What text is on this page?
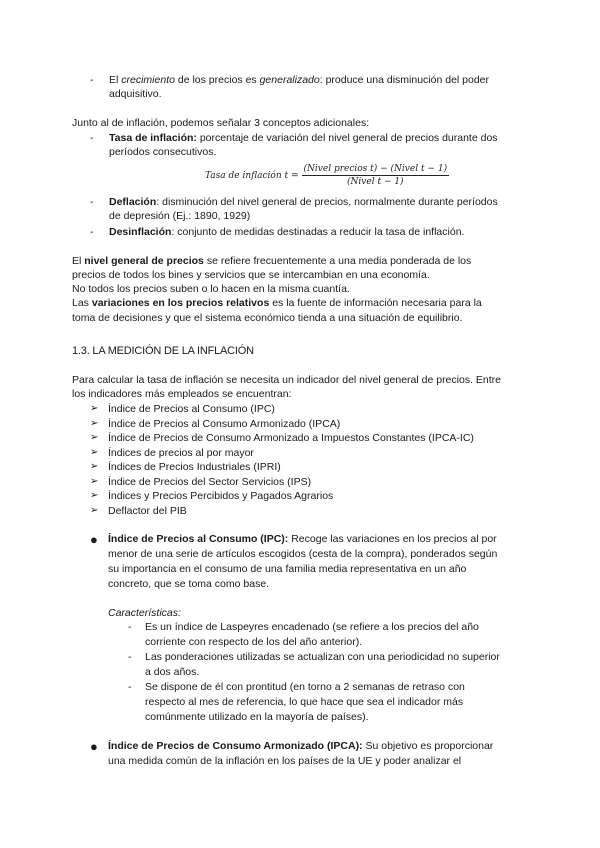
-	El crecimiento de los precios es generalizado: produce una disminución del poder
adquisitivo.
Junto al de inflación, podemos señalar 3 conceptos adicionales:
-	Tasa de inflación: porcentaje de variación del nivel general de precios durante dos
períodos consecutivos.
Tasa de inflación $t = \frac{\text{(Nivel precios t) − (Nivel t − 1)}}{\text{(Nivel t − 1)}}$
-	Deflación: disminución del nivel general de precios, normalmente durante períodos
de depresión (Ej.: 1890, 1929)
-	Desinflación: conjunto de medidas destinadas a reducir la tasa de inflación.
El nivel general de precios se refiere frecuentemente a una media ponderada de los
precios de todos los bines y servicios que se intercambian en una economía.
No todos los precios suben o lo hacen en la misma cuantía.
Las variaciones en los precios relativos es la fuente de información necesaria para la
toma de decisiones y que el sistema económico tienda a una situación de equilibrio.
1.3. LA MEDICIÓN DE LA INFLACIÓN
Para calcular la tasa de inflación se necesita un indicador del nivel general de precios. Entre
los indicadores más empleados se encuentran:
➢ Índice de Precios al Consumo (IPC)
➢ Índice de Precios al Consumo Armonizado (IPCA)
➢ Índice de Precios de Consumo Armonizado a Impuestos Constantes (IPCA-IC)
➢ Índices de precios al por mayor
➢ Índices de Precios Industriales (IPRI)
➢ Índice de Precios del Sector Servicios (IPS)
➢ Índices y Precios Percibidos y Pagados Agrarios
➢ Deflactor del PIB
● Índice de Precios al Consumo (IPC): Recoge las variaciones en los precios al por
menor de una serie de artículos escogidos (cesta de la compra), ponderados según
su importancia en el consumo de una familia media representativa en un año
concreto, que se toma como base.
Características:
-	Es un índice de Laspeyres encadenado (se refiere a los precios del año
corriente con respecto de los del año anterior).
-	Las ponderaciones utilizadas se actualizan con una periodicidad no superior
a dos años.
-	Se dispone de él con prontitud (en torno a 2 semanas de retraso con
respecto al mes de referencia, lo que hace que sea el indicador más
comúnmente utilizado en la mayoría de países).
● Índice de Precios de Consumo Armonizado (IPCA): Su objetivo es proporcionar
una medida común de la inflación en los países de la UE y poder analizar el
